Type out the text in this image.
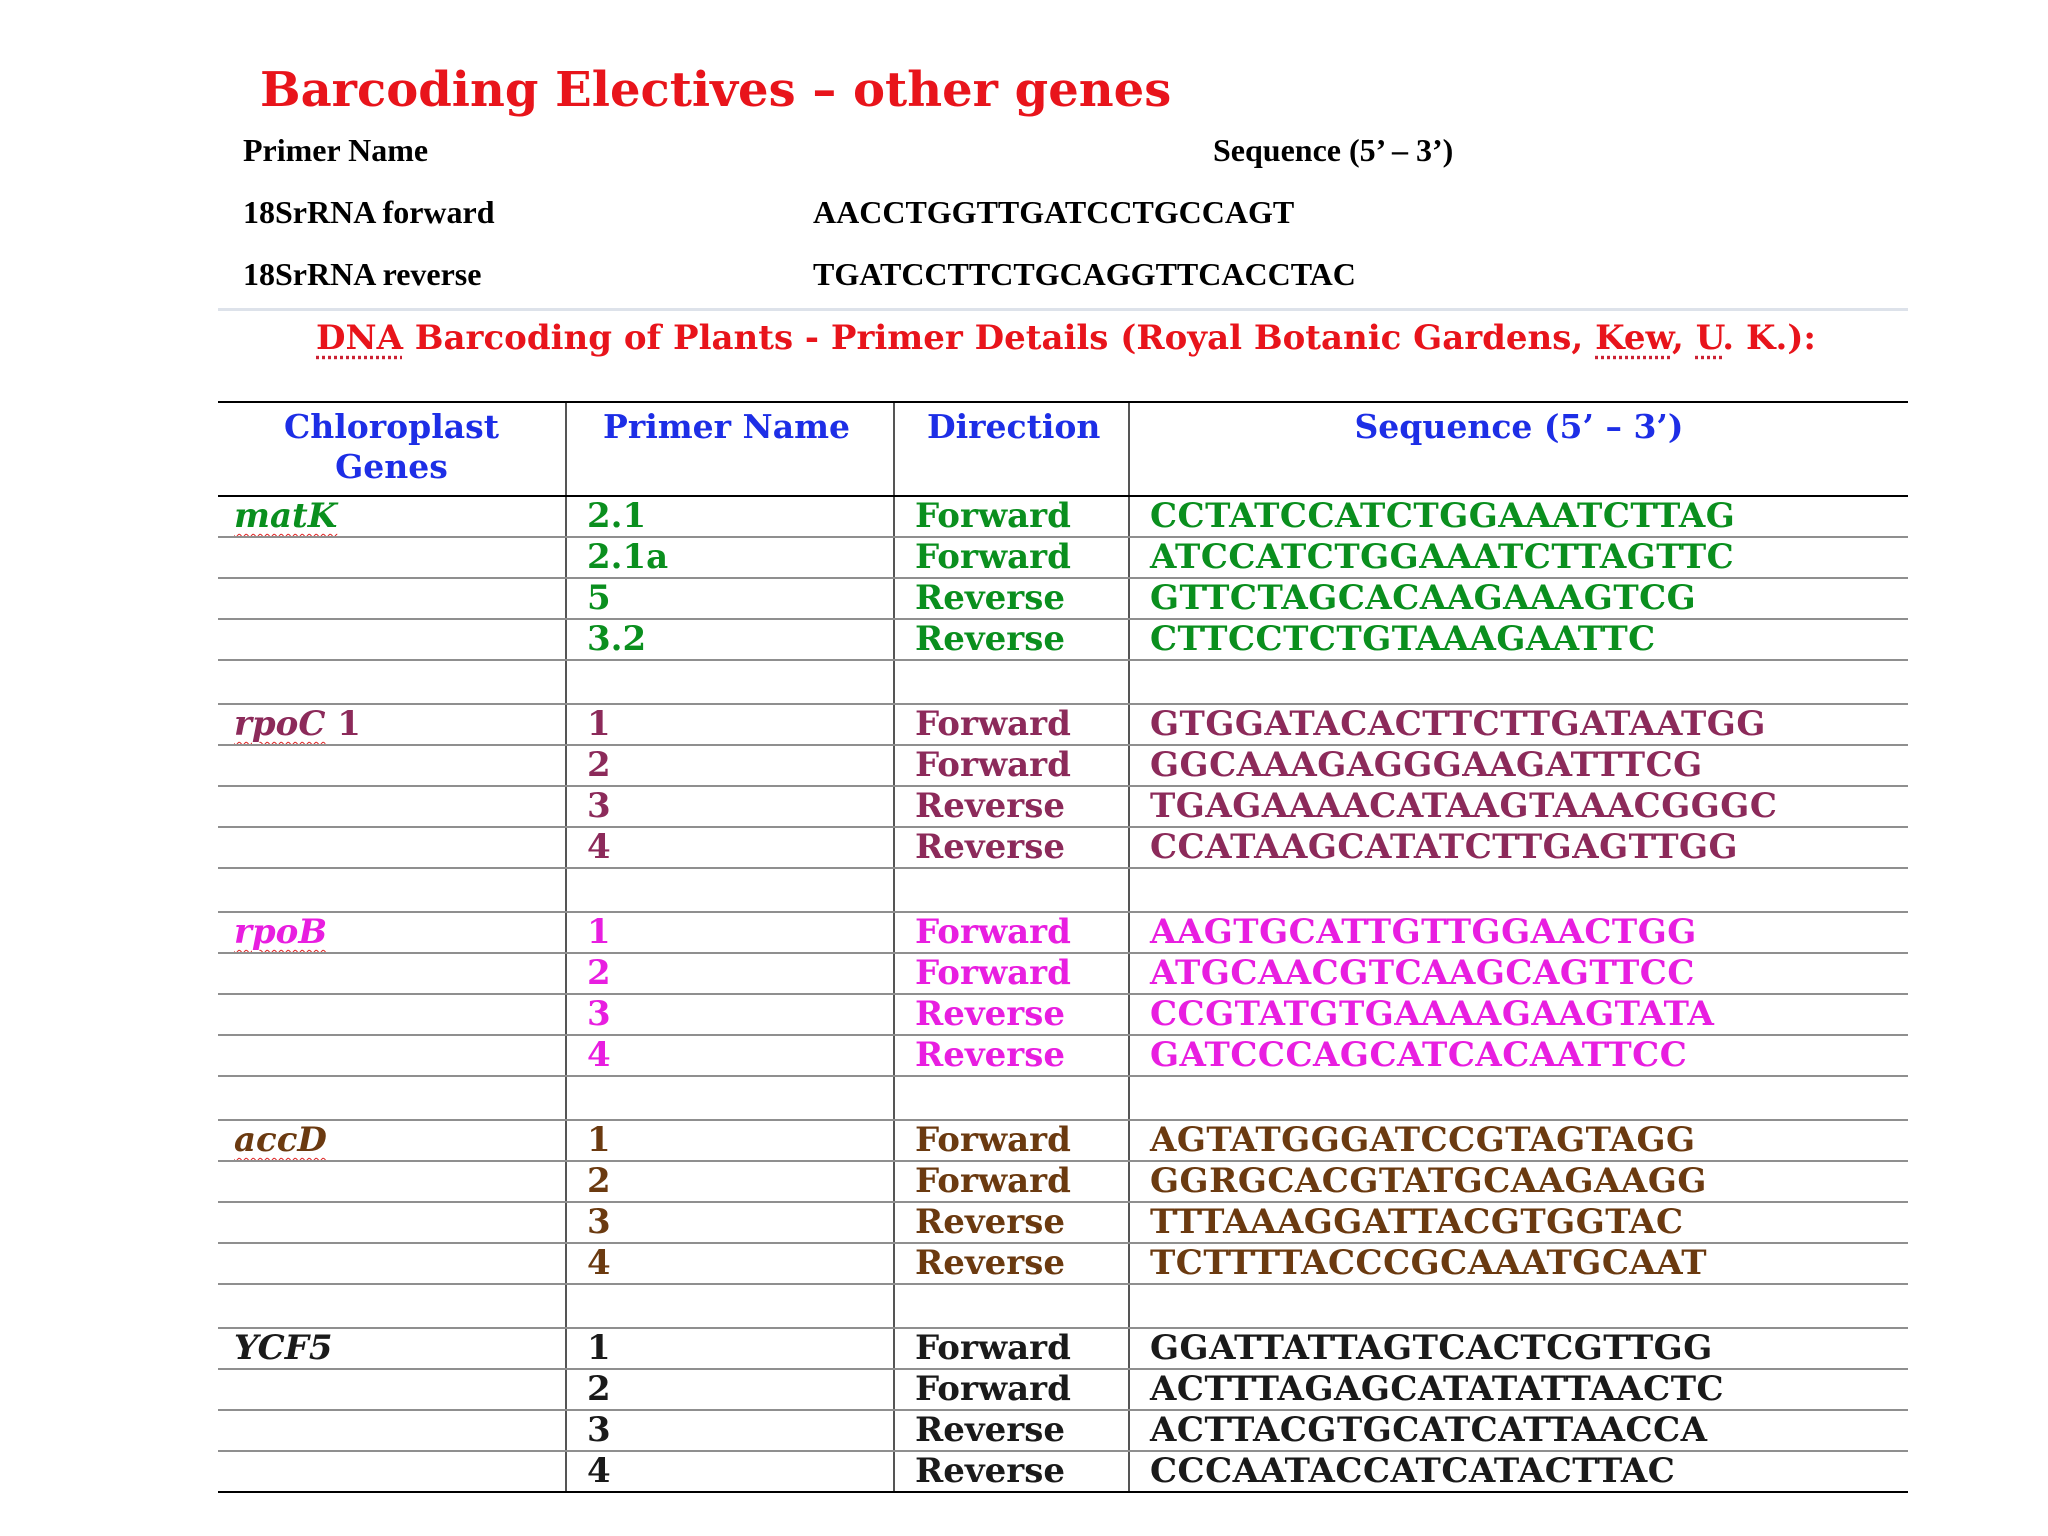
Barcoding Electives – other genes
Primer Name	Sequence (5’ – 3’)
18SrRNA forward	AACCTGGTTGATCCTGCCAGT
18SrRNA reverse	TGATCCTTCTGCAGGTTCACCTAC
DNA Barcoding of Plants - Primer Details (Royal Botanic Gardens, Kew, U. K.):
Chloroplast
Genes	Primer Name	Direction	Sequence (5’ – 3’)
matK	2.1	Forward	CCTATCCATCTGGAAATCTTAG
	2.1a	Forward	ATCCATCTGGAAATCTTAGTTC
	5	Reverse	GTTCTAGCACAAGAAAGTCG
	3.2	Reverse	CTTCCTCTGTAAAGAATTC

rpoC 1	1	Forward	GTGGATACACTTCTTGATAATGG
	2	Forward	GGCAAAGAGGGAAGATTTCG
	3	Reverse	TGAGAAAACATAAGTAAACGGGC
	4	Reverse	CCATAAGCATATCTTGAGTTGG

rpoB	1	Forward	AAGTGCATTGTTGGAACTGG
	2	Forward	ATGCAACGTCAAGCAGTTCC
	3	Reverse	CCGTATGTGAAAAGAAGTATA
	4	Reverse	GATCCCAGCATCACAATTCC

accD	1	Forward	AGTATGGGATCCGTAGTAGG
	2	Forward	GGRGCACGTATGCAAGAAGG
	3	Reverse	TTTAAAGGATTACGTGGTAC
	4	Reverse	TCTTTTACCCGCAAATGCAAT

YCF5	1	Forward	GGATTATTAGTCACTCGTTGG
	2	Forward	ACTTTAGAGCATATATTAACTC
	3	Reverse	ACTTACGTGCATCATTAACCA
	4	Reverse	CCCAATACCATCATACTTAC
